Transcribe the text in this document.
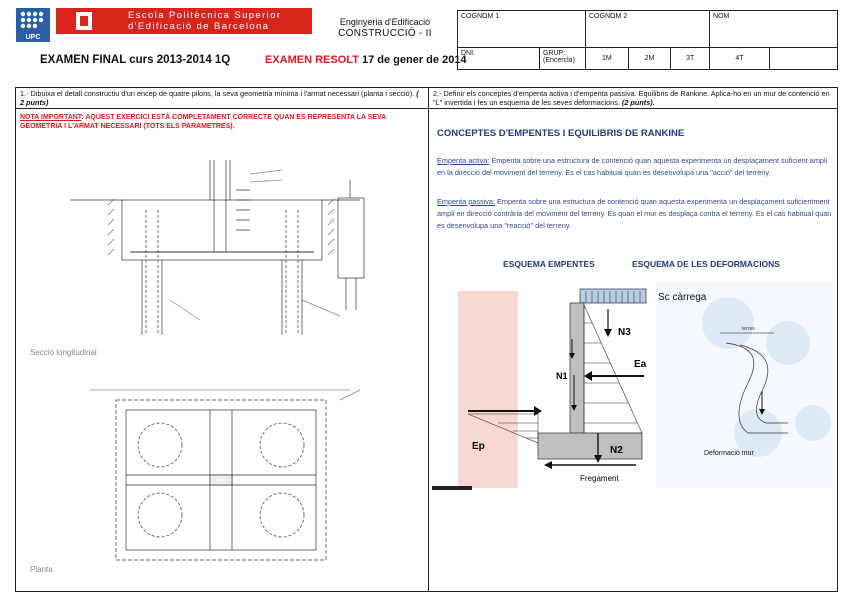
UPC
Escola Politècnica Superior
d'Edificació de Barcelona	Enginyeria d'Edificació
CONSTRUCCIÓ - II
COGNOM 1		COGNOM 2			NOM	
DNI:	GRUP:
(Encercla)	1M	2M	3T	4T	
EXAMEN FINAL curs 2013-2014 1Q	EXAMEN RESOLT 17 de gener de 2014
1.- Dibuixa el detall constructiu d'un encep de quatre pilons, la seva geometria mínima i l'armat necessari (planta i secció). ( 2 punts)
NOTA IMPORTANT: AQUEST EXERCICI ESTÀ COMPLETAMENT CORRECTE QUAN ES REPRESENTA LA SEVA GEOMETRIA I L'ARMAT NECESSARI (TOTS ELS PARÀMETRES).
Secció longitudinal
Planta
2.- Definir els conceptes d'empenta activa i d'empenta passiva. Equilibris de Rankine. Aplica-ho en un mur de contenció en "L" invertida i fes un esquema de les seves deformacions. (2 punts).
CONCEPTES D'EMPENTES I EQUILIBRIS DE RANKINE
Empenta activa: Empenta sobre una estructura de contenció quan aquesta experimenta un desplaçament suficient ampli en la direcció del moviment del terreny. Es el cas habitual quan es desenvolupa una "acció" del terreny.
Empenta passiva: Empenta sobre una estructura de contenció quan aquesta experimenta un desplaçament suficientment ampli en direcció contrària del moviment del terreny. Es quan el mur es desplaça contra el terreny. Es el cas habitual quan es desenvolupa una "reacció" del terreny.
ESQUEMA EMPENTES	ESQUEMA DE LES DEFORMACIONS
Sc càrrega
N3
Ea
N1
Ep	N2
Fregament
terres
Deformació mur
